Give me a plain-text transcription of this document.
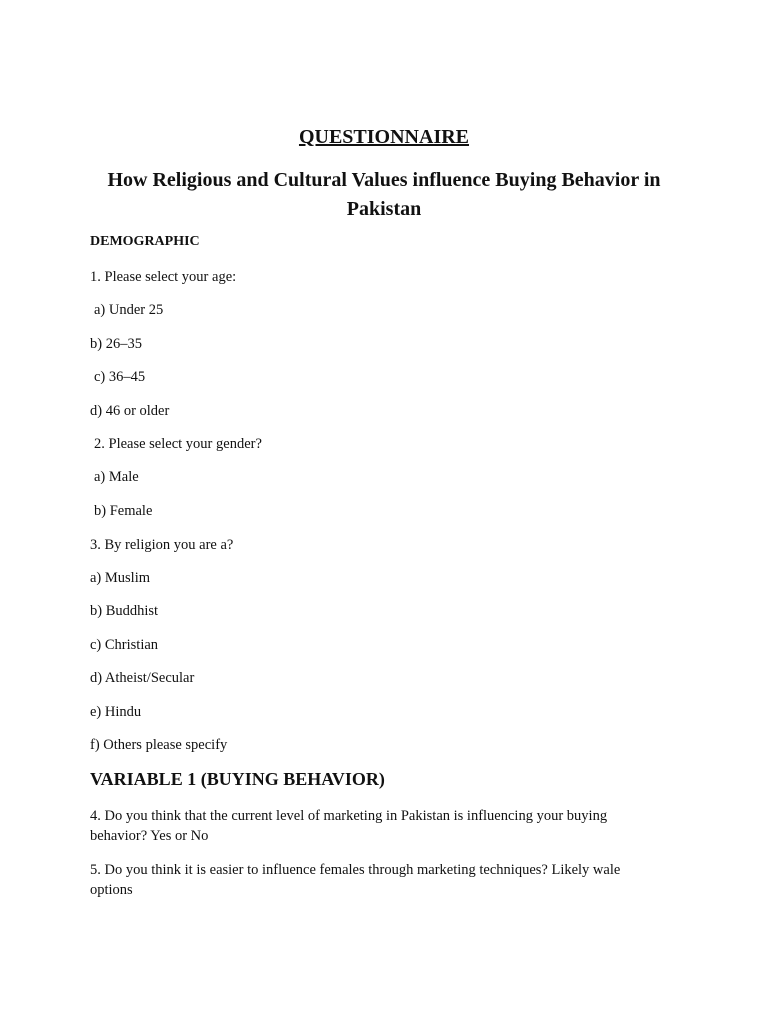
QUESTIONNAIRE
How Religious and Cultural Values influence Buying Behavior in Pakistan

DEMOGRAPHIC

1. Please select your age:

a) Under 25

b) 26–35

c) 36–45

d) 46 or older

2. Please select your gender?

a) Male

b) Female

3. By religion you are a?

a) Muslim

b) Buddhist

c) Christian

d) Atheist/Secular

e) Hindu

f) Others please specify

VARIABLE 1 (BUYING BEHAVIOR)

4. Do you think that the current level of marketing in Pakistan is influencing your buying behavior? Yes or No

5. Do you think it is easier to influence females through marketing techniques? Likely wale options
